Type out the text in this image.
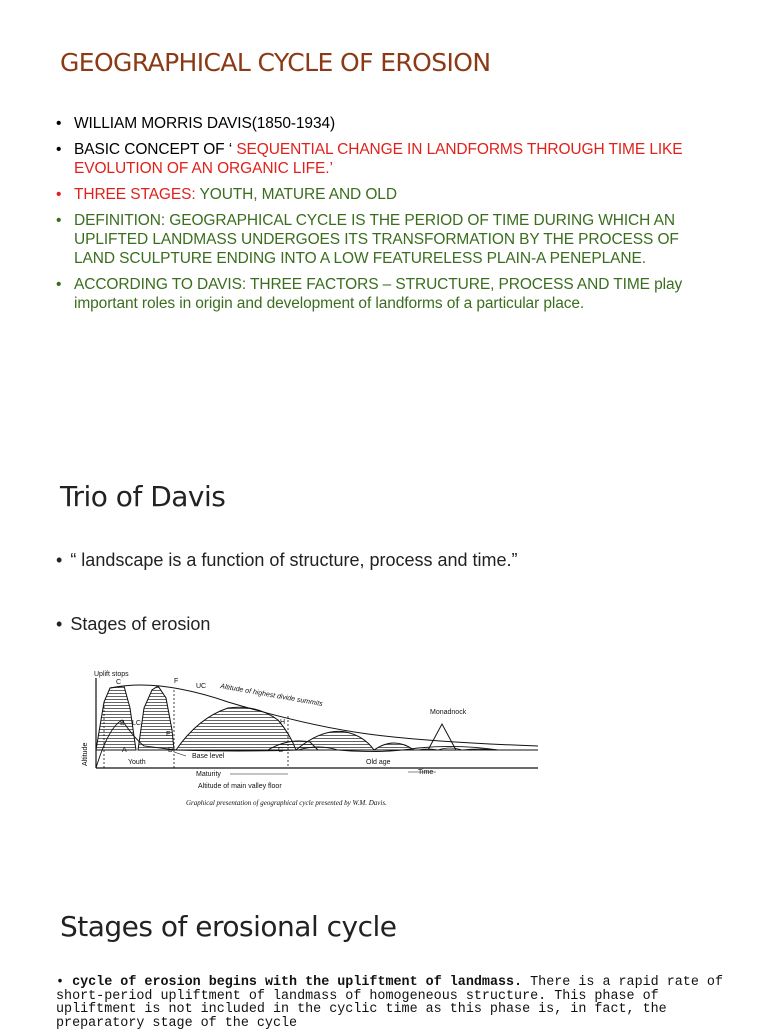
GEOGRAPHICAL CYCLE OF EROSION
• WILLIAM MORRIS DAVIS(1850-1934)
• BASIC CONCEPT OF ‘ SEQUENTIAL CHANGE IN LANDFORMS THROUGH TIME LIKE EVOLUTION OF AN ORGANIC LIFE.’
• THREE STAGES: YOUTH, MATURE AND OLD
• DEFINITION: GEOGRAPHICAL CYCLE IS THE PERIOD OF TIME DURING WHICH AN UPLIFTED LANDMASS UNDERGOES ITS TRANSFORMATION BY THE PROCESS OF LAND SCULPTURE ENDING INTO A LOW FEATURELESS PLAIN-A PENEPLANE.
• ACCORDING TO DAVIS: THREE FACTORS – STRUCTURE, PROCESS AND TIME play important roles in origin and development of landforms of a particular place.
Trio of Davis
• “ landscape is a function of structure, process and time.”
• Stages of erosion
Altitude
Uplift stops
C	F
UC Altitude of highest divide summits
Monadnock
B LC
E
H
A	D	G
Base level
Youth	Old age
Maturity	Time
Altitude of main valley floor
Graphical presentation of geographical cycle presented by W.M. Davis.
Stages of erosional cycle
• cycle of erosion begins with the upliftment of landmass. There is a rapid rate of short-period upliftment of landmass of homogeneous structure. This phase of upliftment is not included in the cyclic time as this phase is, in fact, the preparatory stage of the cycle
